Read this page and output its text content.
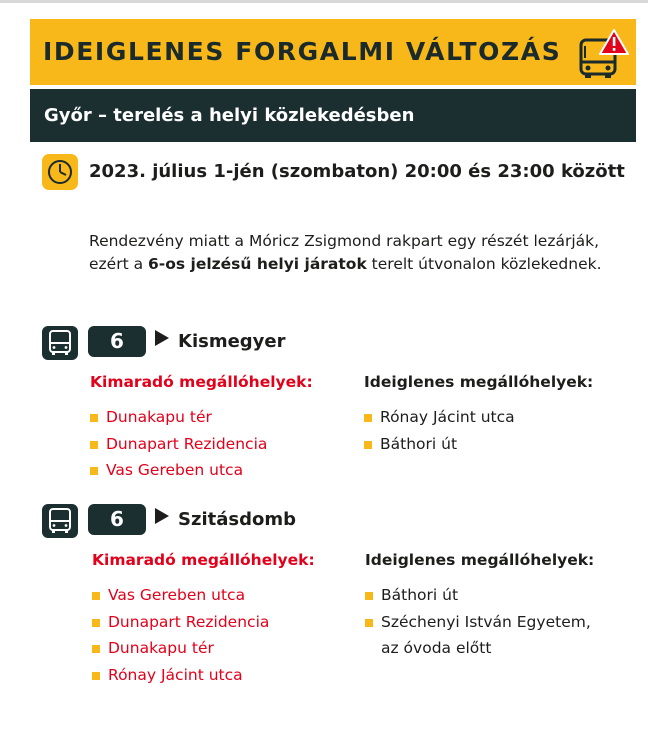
IDEIGLENES FORGALMI VÁLTOZÁS
Győr – terelés a helyi közlekedésben
2023. július 1-jén (szombaton) 20:00 és 23:00 között
Rendezvény miatt a Móricz Zsigmond rakpart egy részét lezárják,
ezért a 6-os jelzésű helyi járatok terelt útvonalon közlekednek.
6	Kismegyer
Kimaradó megállóhelyek:
Dunakapu tér
Dunapart Rezidencia
Vas Gereben utca
Ideiglenes megállóhelyek:
Rónay Jácint utca
Báthori út
6	Szitásdomb
Kimaradó megállóhelyek:
Vas Gereben utca
Dunapart Rezidencia
Dunakapu tér
Rónay Jácint utca
Ideiglenes megállóhelyek:
Báthori út
Széchenyi István Egyetem,
az óvoda előtt
